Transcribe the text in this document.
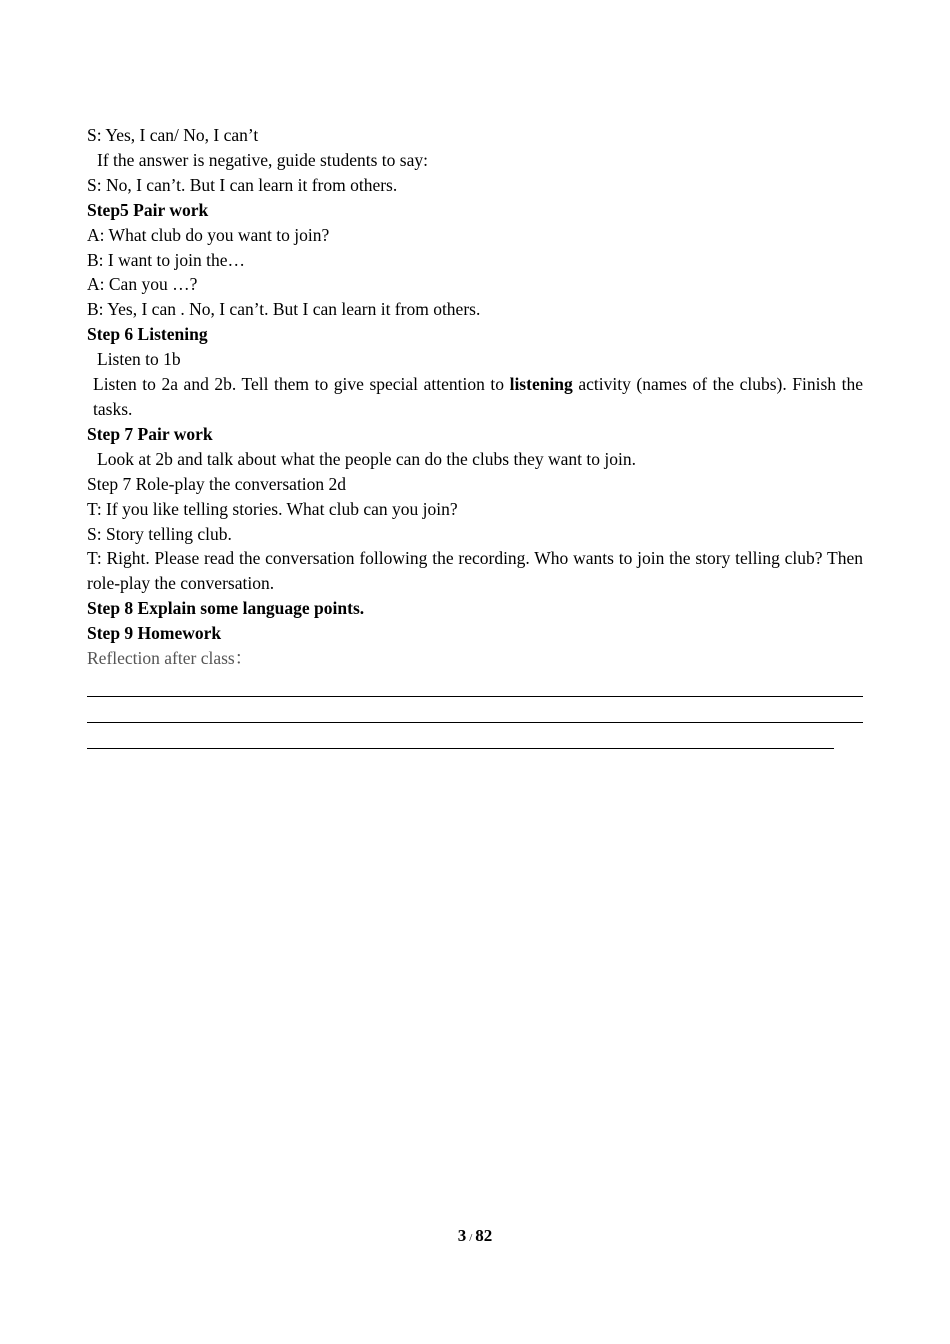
S: Yes, I can/ No, I can’t
If the answer is negative, guide students to say:
S: No, I can’t. But I can learn it from others.
Step5 Pair work
A: What club do you want to join?
B: I want to join the…
A: Can you …?
B: Yes, I can . No, I can’t. But I can learn it from others.
Step 6 Listening
Listen to 1b
Listen to 2a and 2b. Tell them to give special attention to listening activity (names of the clubs). Finish the tasks.
Step 7 Pair work
Look at 2b and talk about what the people can do the clubs they want to join.
Step 7 Role-play the conversation 2d
T: If you like telling stories. What club can you join?
S: Story telling club.
T: Right. Please read the conversation following the recording. Who wants to join the story telling club? Then role-play the conversation.
Step 8 Explain some language points.
Step 9 Homework
Reflection after class：
3 / 82
